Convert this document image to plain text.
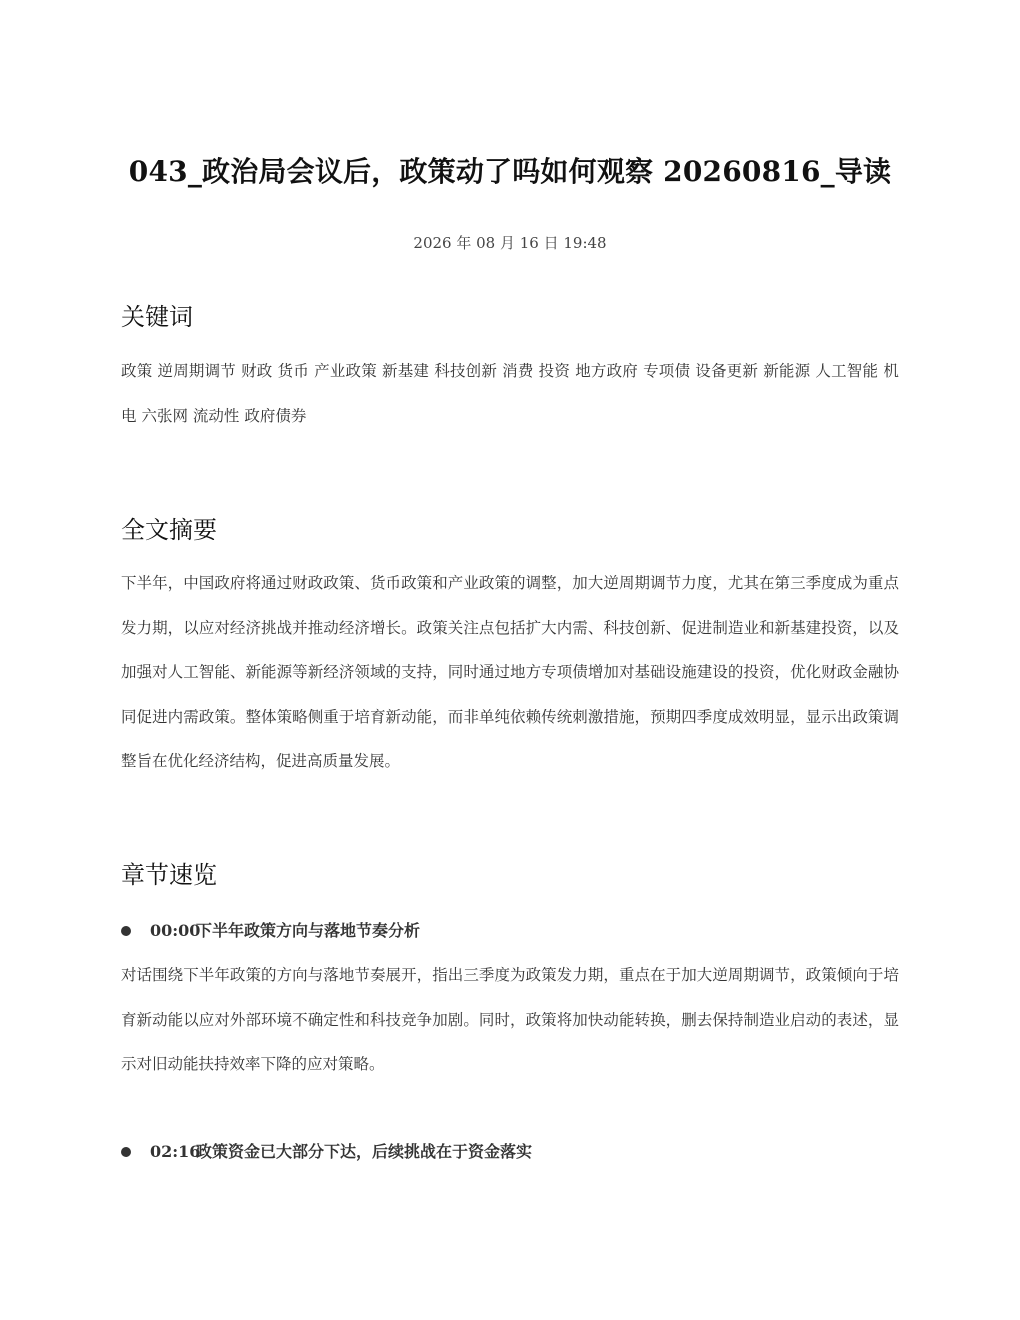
043_政治局会议后，政策动了吗如何观察 20260816_导读
2026 年 08 月 16 日 19:48
关键词
政策 逆周期调节 财政 货币 产业政策 新基建 科技创新 消费 投资 地方政府 专项债 设备更新 新能源 人工智能 机电 六张网 流动性 政府债券
全文摘要
下半年，中国政府将通过财政政策、货币政策和产业政策的调整，加大逆周期调节力度，尤其在第三季度成为重点发力期，以应对经济挑战并推动经济增长。政策关注点包括扩大内需、科技创新、促进制造业和新基建投资，以及加强对人工智能、新能源等新经济领域的支持，同时通过地方专项债增加对基础设施建设的投资，优化财政金融协同促进内需政策。整体策略侧重于培育新动能，而非单纯依赖传统刺激措施，预期四季度成效明显，显示出政策调整旨在优化经济结构，促进高质量发展。
章节速览
00:00
下半年政策方向与落地节奏分析
对话围绕下半年政策的方向与落地节奏展开，指出三季度为政策发力期，重点在于加大逆周期调节，政策倾向于培育新动能以应对外部环境不确定性和科技竞争加剧。同时，政策将加快动能转换，删去保持制造业启动的表述，显示对旧动能扶持效率下降的应对策略。
02:16
政策资金已大部分下达，后续挑战在于资金落实
